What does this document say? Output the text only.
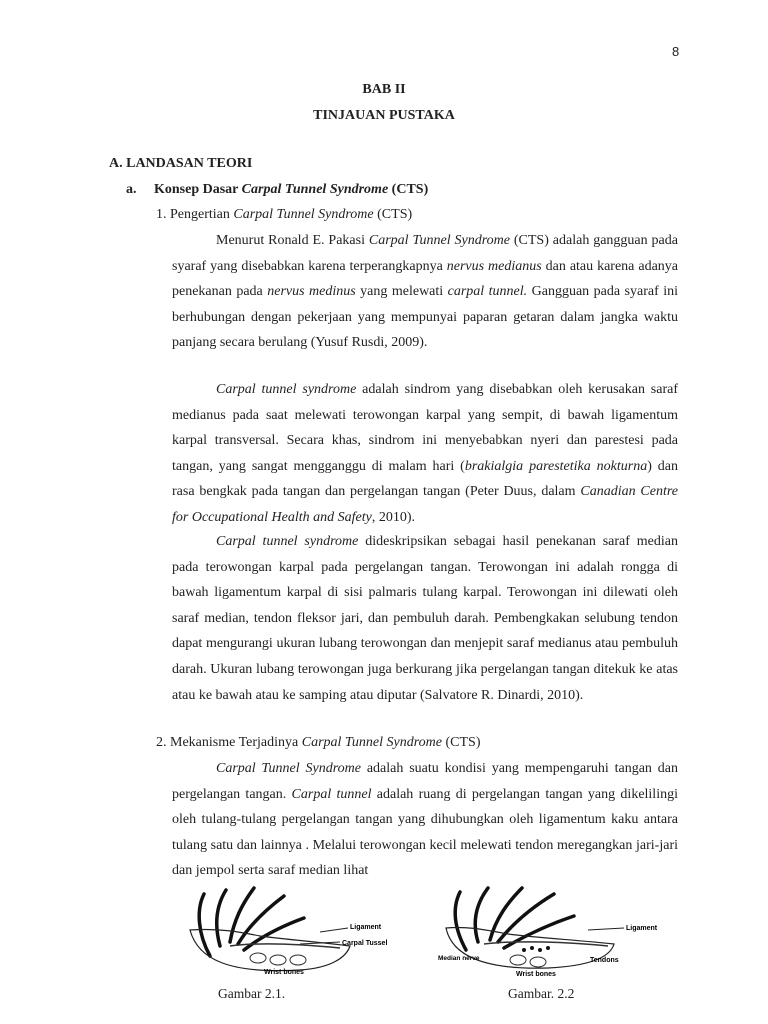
8
BAB II
TINJAUAN PUSTAKA
A. LANDASAN TEORI
a. Konsep Dasar Carpal Tunnel Syndrome (CTS)
1. Pengertian Carpal Tunnel Syndrome (CTS)

Menurut Ronald E. Pakasi Carpal Tunnel Syndrome (CTS) adalah gangguan pada syaraf yang disebabkan karena terperangkapnya nervus medianus dan atau karena adanya penekanan pada nervus medinus yang melewati carpal tunnel. Gangguan pada syaraf ini berhubungan dengan pekerjaan yang mempunyai paparan getaran dalam jangka waktu panjang secara berulang (Yusuf Rusdi, 2009).

Carpal tunnel syndrome adalah sindrom yang disebabkan oleh kerusakan saraf medianus pada saat melewati terowongan karpal yang sempit, di bawah ligamentum karpal transversal. Secara khas, sindrom ini menyebabkan nyeri dan parestesi pada tangan, yang sangat mengganggu di malam hari (brakialgia parestetika nokturna) dan rasa bengkak pada tangan dan pergelangan tangan (Peter Duus, dalam Canadian Centre for Occupational Health and Safety, 2010).

Carpal tunnel syndrome dideskripsikan sebagai hasil penekanan saraf median pada terowongan karpal pada pergelangan tangan. Terowongan ini adalah rongga di bawah ligamentum karpal di sisi palmaris tulang karpal. Terowongan ini dilewati oleh saraf median, tendon fleksor jari, dan pembuluh darah. Pembengkakan selubung tendon dapat mengurangi ukuran lubang terowongan dan menjepit saraf medianus atau pembuluh darah. Ukuran lubang terowongan juga berkurang jika pergelangan tangan ditekuk ke atas atau ke bawah atau ke samping atau diputar (Salvatore R. Dinardi, 2010).

2. Mekanisme Terjadinya Carpal Tunnel Syndrome (CTS)

Carpal Tunnel Syndrome adalah suatu kondisi yang mempengaruhi tangan dan pergelangan tangan. Carpal tunnel adalah ruang di pergelangan tangan yang dikelilingi oleh tulang-tulang pergelangan tangan yang dihubungkan oleh ligamentum kaku antara tulang satu dan lainnya . Melalui terowongan kecil melewati tendon meregangkan jari-jari dan jempol serta saraf median lihat

Ligament
Carpal Tussel
Wrist bones
Ligament
Median nerve
Wrist bones
Tendons
Gambar 2.1.	Gambar. 2.2
